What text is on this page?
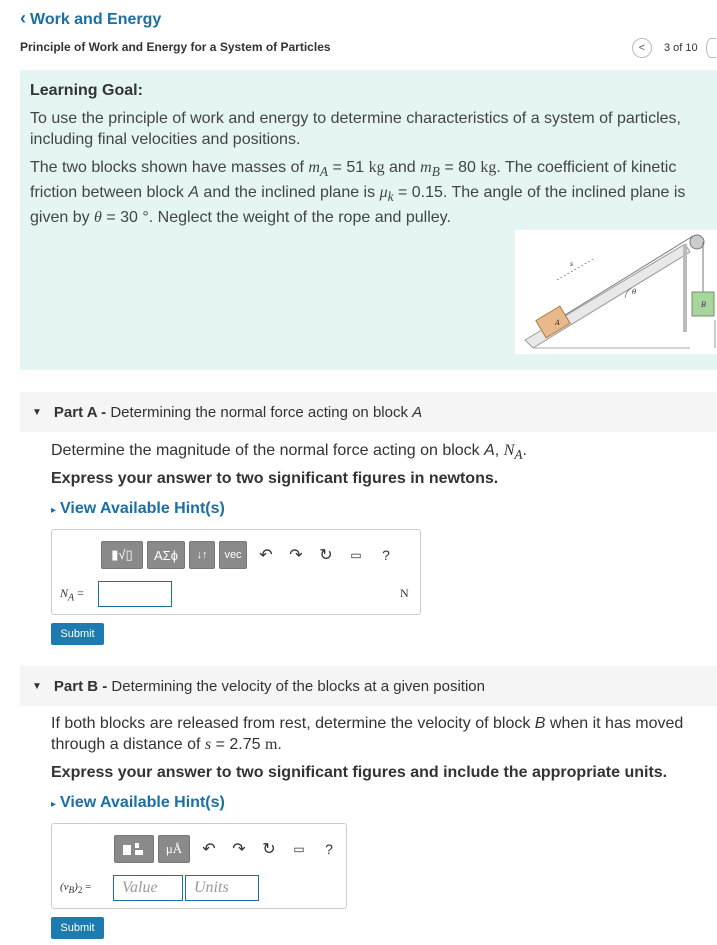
‹ Work and Energy
Principle of Work and Energy for a System of Particles	< 3 of 10
Learning Goal:
To use the principle of work and energy to determine characteristics of a system of particles, including final velocities and positions.
The two blocks shown have masses of $m_A = 51$ kg and $m_B = 80$ kg. The coefficient of kinetic friction between block A and the inclined plane is $\mu_k = 0.15$. The angle of the inclined plane is given by θ = 30 °. Neglect the weight of the rope and pulley.
A
B
s
θ
▼ Part A - Determining the normal force acting on block A
Determine the magnitude of the normal force acting on block A, $N_A$.
Express your answer to two significant figures in newtons.
▸ View Available Hint(s)
▮√▯	ΑΣϕ	↓↑	vec	↶ ↷ ↻	▭	?
$N_A$ =	N
Submit
▼ Part B - Determining the velocity of the blocks at a given position
If both blocks are released from rest, determine the velocity of block B when it has moved through a distance of s = 2.75 m.
Express your answer to two significant figures and include the appropriate units.
▸ View Available Hint(s)
μÅ	↶ ↷ ↻	▭	?
$(v_B)_2$ =	Value	Units
Submit
